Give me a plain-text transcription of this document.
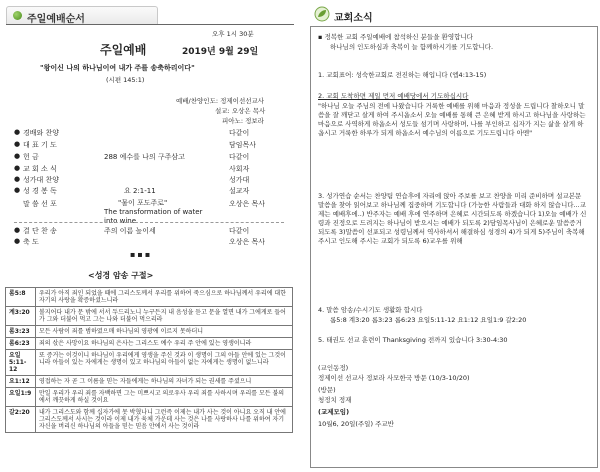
주일예배순서
오후 1시 30분
주일예배	2019년 9월 29일
"왕이신 나의 하나님이여 내가 주를 송축하리이다"
(시편 145:1)
예배/찬양인도: 정제이선선교사
설교: 오상은 목사
피아노: 정보라
● 경배와 찬양	다같이
● 대 표 기 도	담임목사
● 헌 금	288 예수를 나의 구주삼고	다같이
● 교 회 소 식	사회자
● 성가대 찬양	성가대
● 성 경 봉 독	요 2:1-11	설교자
말 씀 선 포	"물이 포도주로"
The transformation of water into wine
오상은 목사
● 결 단 찬 송	주의 이름 높이세	다같이
● 축 도	오상은 목사
▪▪▪
<성경 암송 구절>
롬5:8	우리가 아직 죄인 되었을 때에 그리스도께서 우리를 위하여 죽으심으로 하나님께서 우리에 대한 자기의 사랑을 확증하셨느니라
계3:20	볼지어다 내가 문 밖에 서서 두드리노니 누구든지 내 음성을 듣고 문을 열면 내가 그에게로 들어가 그와 더불어 먹고 그는 나와 더불어 먹으리라
롬3:23	모든 사람이 죄를 범하였으매 하나님의 영광에 이르지 못하더니
롬6:23	죄의 삯은 사망이요 하나님의 은사는 그리스도 예수 우리 주 안에 있는 영생이니라
요일 5:11-12	또 증거는 이것이니 하나님이 우리에게 영생을 주신 것과 이 생명이 그의 아들 안에 있는 그것이니라 아들이 있는 자에게는 생명이 있고 하나님의 아들이 없는 자에게는 생명이 없느니라
요1:12	영접하는 자 곧 그 이름을 믿는 자들에게는 하나님의 자녀가 되는 권세를 주셨으니
요일1:9	만일 우리가 우리 죄를 자백하면 그는 미쁘시고 의로우사 우리 죄를 사하시며 우리를 모든 불의에서 깨끗하게 하실 것이요
갈2:20	내가 그리스도와 함께 십자가에 못 박혔나니 그런즉 이제는 내가 사는 것이 아니요 오직 내 안에 그리스도께서 사시는 것이라 이제 내가 육체 가운데 사는 것은 나를 사랑하사 나를 위하여 자기 자신을 버리신 하나님의 아들을 믿는 믿음 안에서 사는 것이라
교회소식
▪ 정복한 교회 주일예배에 참석하신 분들을 환영합니다
하나님의 인도하심과 축복이 늘 함께하시기를 기도합니다.
1. 교회표어: 성숙한교회로 전진하는 해입니다 (엡4:13-15)
2. 교회 도착하면 제일 먼저 예배당에서 기도하십시다
"하나님 오늘 주님의 전에 나왔습니다 거룩한 예배를 위해 마음과 정성을 드립니다 찰하오니 말씀을 잘 깨닫고 살게 하여 주시옵소서 오늘 예배를 통해 큰 은혜 받게 하시고 하나님을 사랑하는 마음으로 사역하게 하옵소서 성도들 섬기며 사랑하며, 나를 부인하고 십자가 지는 삶을 살게 하옵시고 거룩한 하루가 되게 하옵소서 예수님의 이름으로 기도드립니다 아멘"
3. 성가연습 순서는 찬양팀 연습후에 자리에 앉아 주보를 보고 찬양을 미리 준비하며 설교본문 말씀을 찾아 읽어보고 하나님께 집중하며 기도합니다 (가능한 사람들과 대화 하지 않습니다...교제는 예배후에..) 반주자는 예배 후에 연주하며 은혜로 시간되도록 하겠습니다 1)오늘 예배가 신령과 진정으로 드려지는 하나님이 받으시는 예배가 되도록 2)담임목사님이 은혜로운 말씀증거되도록 3)말씀이 선포되고 성령님께서 역사하셔서 해결하심 성경의 4)가 되게 5)주님이 축복해 주시고 인도해 주시는 교회가 되도록 6)교우를 위해
4. 말씀 암송/수시기도 생활화 합시다
롬5:8 계3:20 롬3:23 롬6:23 요일5:11-12 요1:12 요일1:9 갈2:20
5. 태권도 선교 훈련이 Thanksgiving 전까지 있습니다 3:30-4:30
(교인동정)
정제이선 선교사 정보라 사모한국 방문 (10/3-10/20)
(방문)
청정치 정재
(교제모임)
10월6, 20일(주일) 주교반
